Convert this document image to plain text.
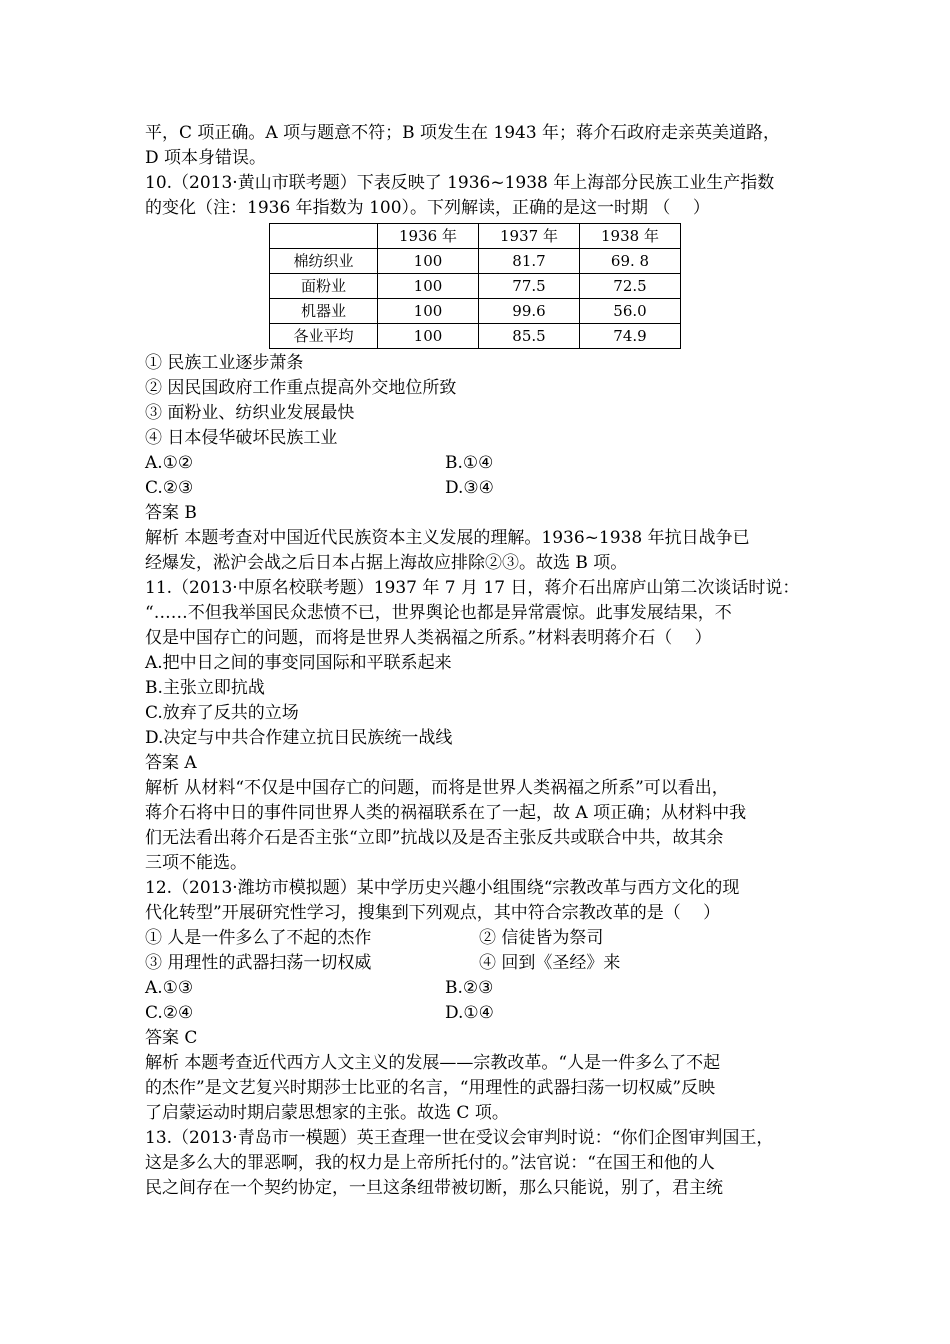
平，C 项正确。A 项与题意不符；B 项发生在 1943 年；蒋介石政府走亲英美道路，
D 项本身错误。
10.（2013·黄山市联考题）下表反映了 1936~1938 年上海部分民族工业生产指数
的变化（注：1936 年指数为 100）。下列解读，正确的是这一时期 （　 ）
	1936 年	1937 年	1938 年
棉纺织业	100	81.7	69. 8
面粉业	100	77.5	72.5
机器业	100	99.6	56.0
各业平均	100	85.5	74.9
① 民族工业逐步萧条
② 因民国政府工作重点提高外交地位所致
③ 面粉业、纺织业发展最快
④ 日本侵华破坏民族工业
A.①②	B.①④
C.②③	D.③④
答案 B
解析 本题考查对中国近代民族资本主义发展的理解。1936~1938 年抗日战争已
经爆发，淞沪会战之后日本占据上海故应排除②③。故选 B 项。
11.（2013·中原名校联考题）1937 年 7 月 17 日，蒋介石出席庐山第二次谈话时说：
“……不但我举国民众悲愤不已，世界舆论也都是异常震惊。此事发展结果，不
仅是中国存亡的问题，而将是世界人类祸福之所系。”材料表明蒋介石（　 ）
A.把中日之间的事变同国际和平联系起来
B.主张立即抗战
C.放弃了反共的立场
D.决定与中共合作建立抗日民族统一战线
答案 A
解析 从材料“不仅是中国存亡的问题，而将是世界人类祸福之所系”可以看出，
蒋介石将中日的事件同世界人类的祸福联系在了一起，故 A 项正确；从材料中我
们无法看出蒋介石是否主张“立即”抗战以及是否主张反共或联合中共，故其余
三项不能选。
12.（2013·潍坊市模拟题）某中学历史兴趣小组围绕“宗教改革与西方文化的现
代化转型”开展研究性学习，搜集到下列观点，其中符合宗教改革的是（　 ）
① 人是一件多么了不起的杰作	② 信徒皆为祭司
③ 用理性的武器扫荡一切权威	④ 回到《圣经》来
A.①③	B.②③
C.②④	D.①④
答案 C
解析 本题考查近代西方人文主义的发展——宗教改革。“人是一件多么了不起
的杰作”是文艺复兴时期莎士比亚的名言，“用理性的武器扫荡一切权威”反映
了启蒙运动时期启蒙思想家的主张。故选 C 项。
13.（2013·青岛市一模题）英王查理一世在受议会审判时说：“你们企图审判国王，
这是多么大的罪恶啊，我的权力是上帝所托付的。”法官说：“在国王和他的人
民之间存在一个契约协定，一旦这条纽带被切断，那么只能说，别了，君主统
